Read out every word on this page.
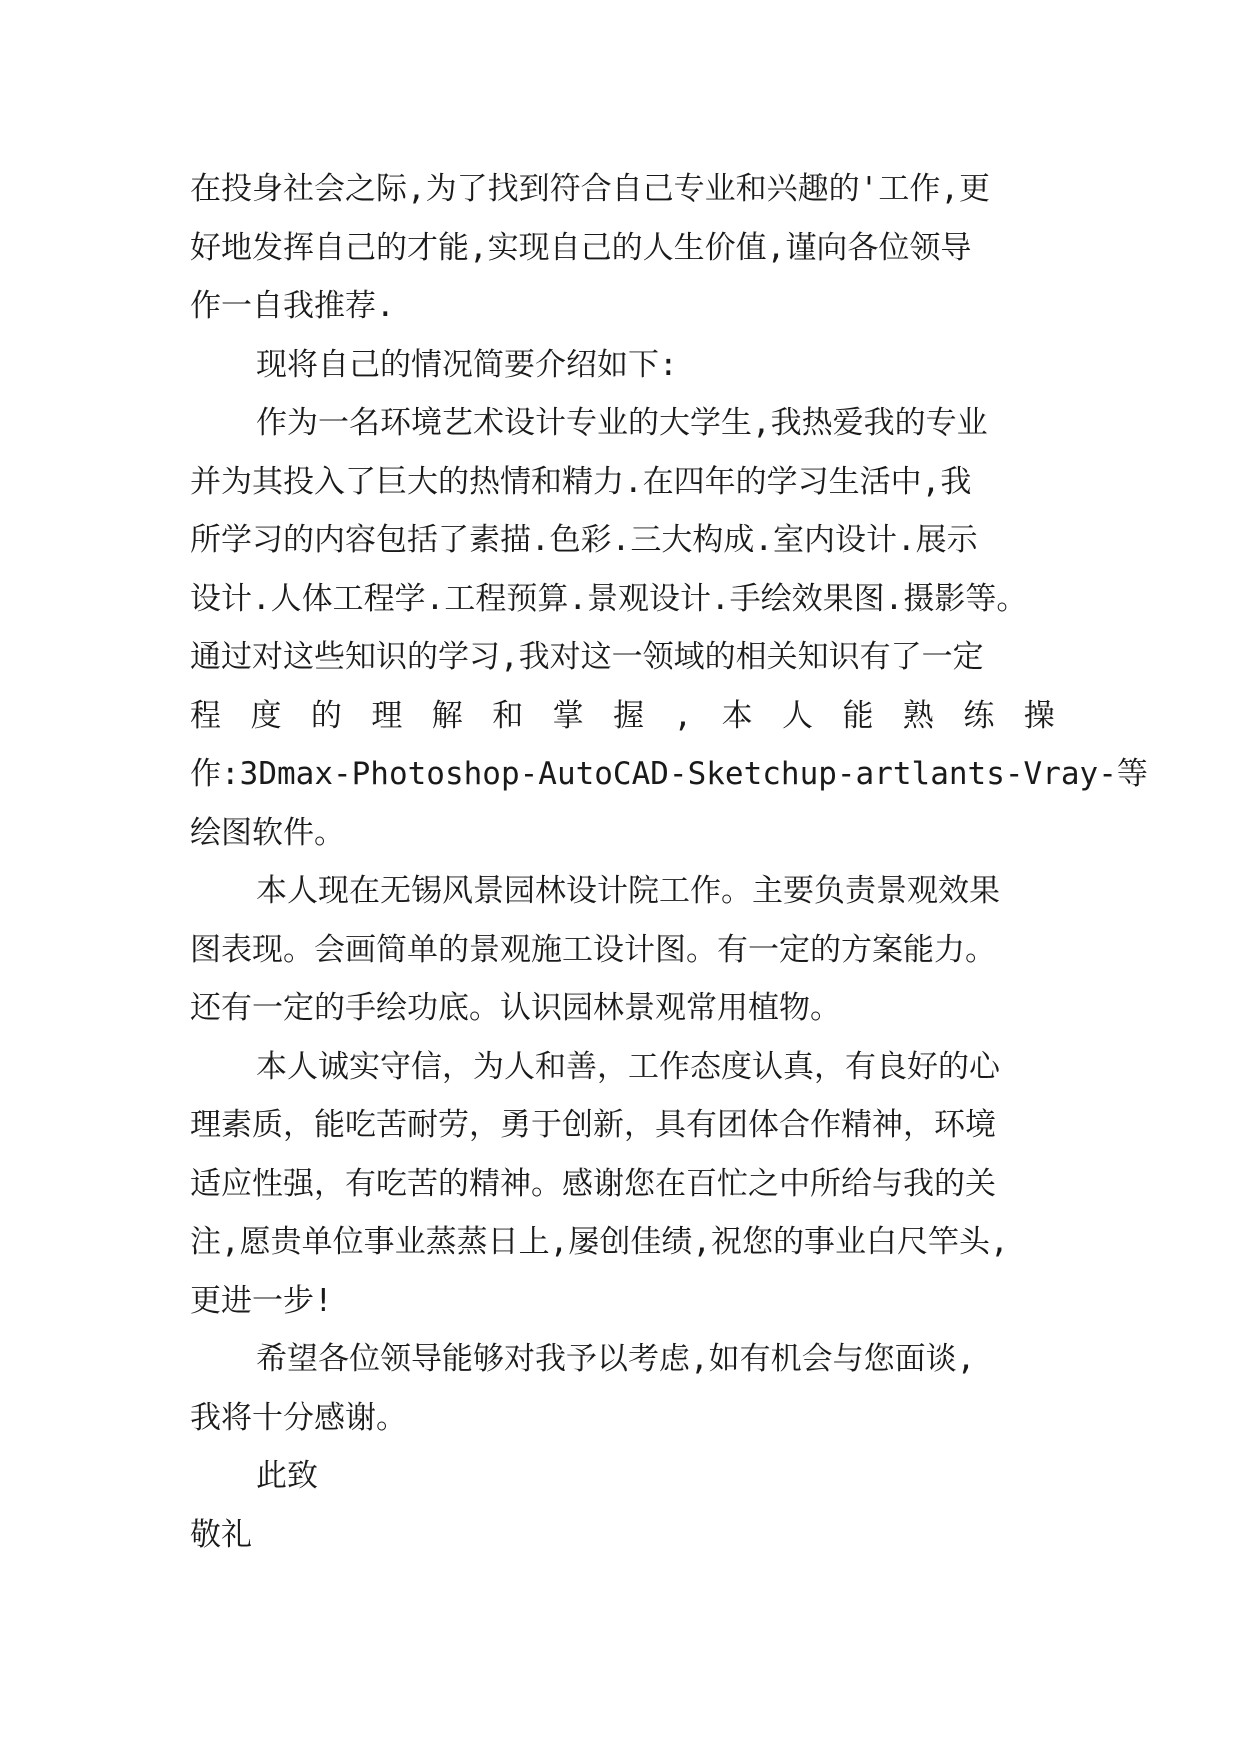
在投身社会之际,为了找到符合自己专业和兴趣的'工作,更
好地发挥自己的才能,实现自己的人生价值,谨向各位领导
作一自我推荐.
现将自己的情况简要介绍如下:
作为一名环境艺术设计专业的大学生,我热爱我的专业
并为其投入了巨大的热情和精力.在四年的学习生活中,我
所学习的内容包括了素描.色彩.三大构成.室内设计.展示
设计.人体工程学.工程预算.景观设计.手绘效果图.摄影等。
通过对这些知识的学习,我对这一领域的相关知识有了一定
程 度 的 理 解 和 掌 握 , 本 人 能 熟 练 操
作:3Dmax-Photoshop-AutoCAD-Sketchup-artlants-Vray-等
绘图软件。
本人现在无锡风景园林设计院工作。主要负责景观效果
图表现。会画简单的景观施工设计图。有一定的方案能力。
还有一定的手绘功底。认识园林景观常用植物。
本人诚实守信，为人和善，工作态度认真，有良好的心
理素质，能吃苦耐劳，勇于创新，具有团体合作精神，环境
适应性强，有吃苦的精神。感谢您在百忙之中所给与我的关
注,愿贵单位事业蒸蒸日上,屡创佳绩,祝您的事业白尺竿头,
更进一步!
希望各位领导能够对我予以考虑,如有机会与您面谈,
我将十分感谢。
此致
敬礼
